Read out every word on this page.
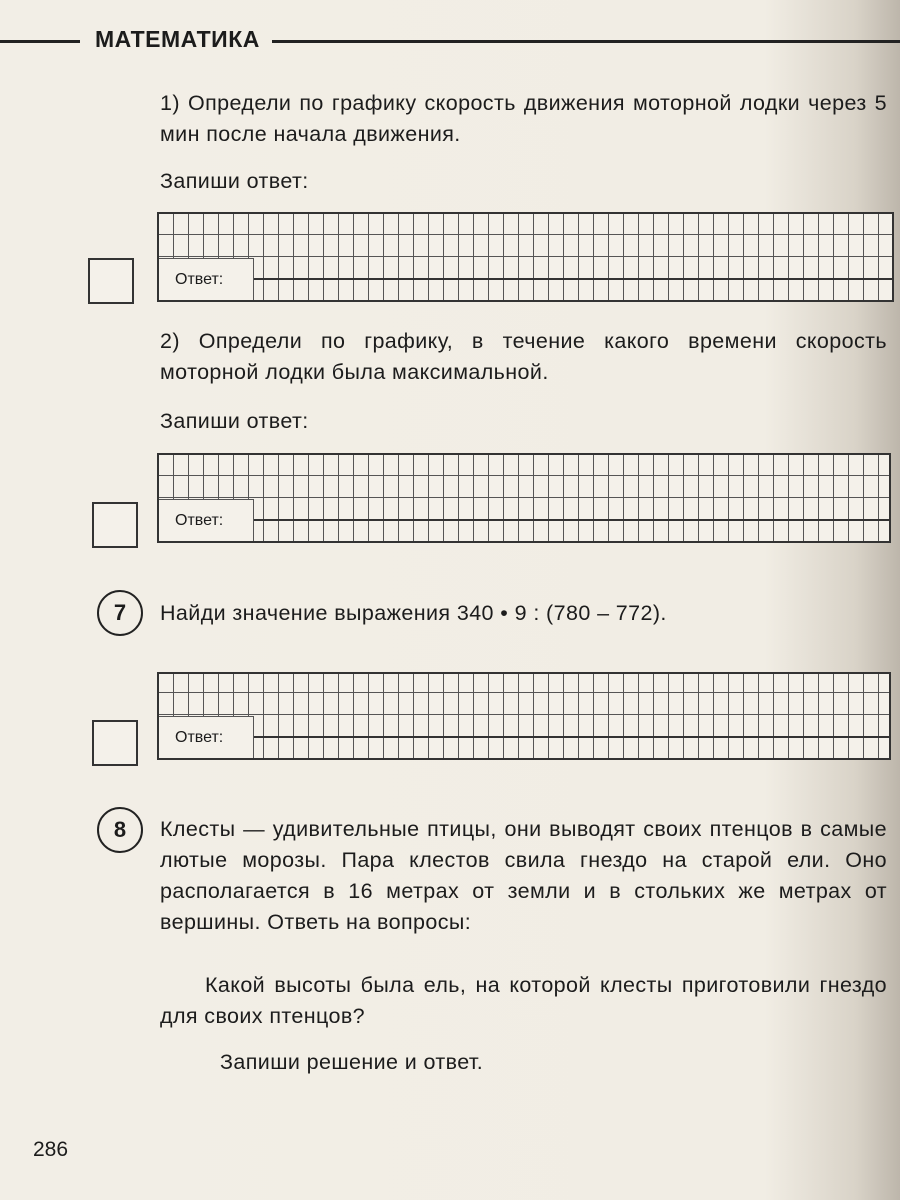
МАТЕМАТИКА
1) Определи по графику скорость движения моторной лодки через 5 мин после начала движения.
Запиши ответ:
Ответ:
2) Определи по графику, в течение какого времени скорость моторной лодки была максимальной.
Запиши ответ:
Ответ:
7	Найди значение выражения 340 • 9 : (780 – 772).
Ответ:
8	Клесты — удивительные птицы, они выводят своих птенцов в самые лютые морозы. Пара клестов свила гнездо на старой ели. Оно располагается в 16 метрах от земли и в стольких же метрах от вершины. Ответь на вопросы:
Какой высоты была ель, на которой клесты приготовили гнездо для своих птенцов?
Запиши решение и ответ.
286
